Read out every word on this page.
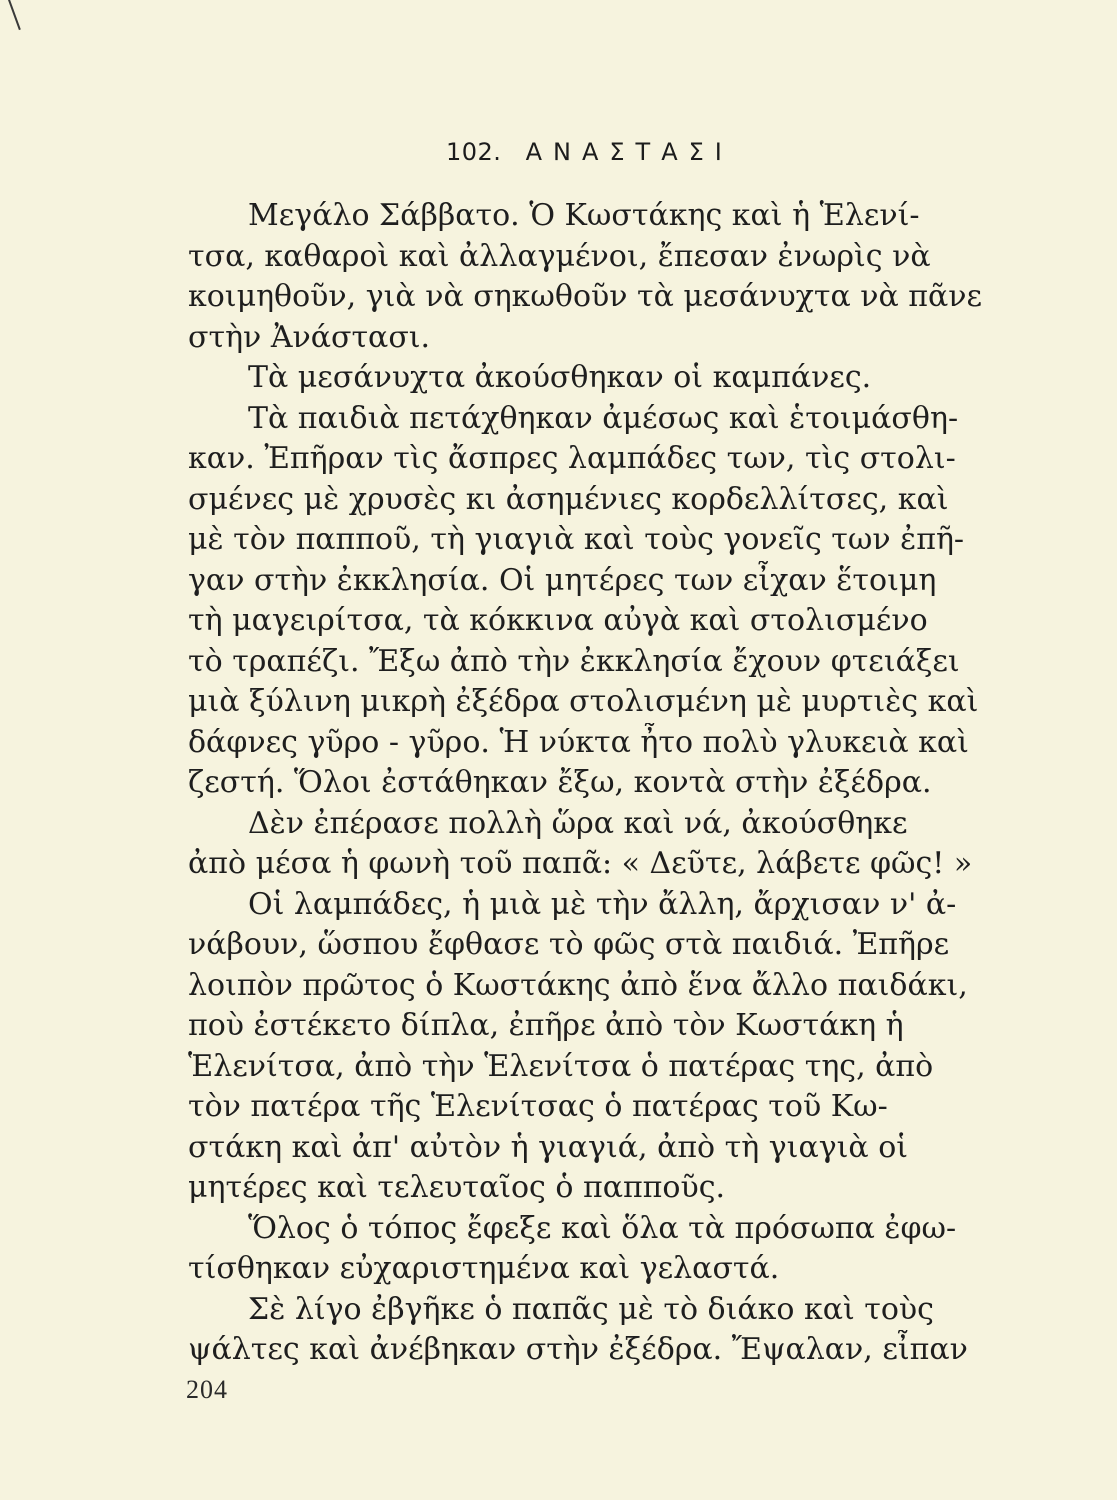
102. ΑΝΑΣΤΑΣΙ
Μεγάλο Σάββατο. Ὁ Κωστάκης καὶ ἡ Ἑλενί-
τσα, καθαροὶ καὶ ἀλλαγμένοι, ἔπεσαν ἐνωρὶς νὰ
κοιμηθοῦν, γιὰ νὰ σηκωθοῦν τὰ μεσάνυχτα νὰ πᾶνε
στὴν Ἀνάστασι.
Τὰ μεσάνυχτα ἀκούσθηκαν οἱ καμπάνες.
Τὰ παιδιὰ πετάχθηκαν ἀμέσως καὶ ἑτοιμάσθη-
καν. Ἐπῆραν τὶς ἄσπρες λαμπάδες των, τὶς στολι-
σμένες μὲ χρυσὲς κι ἀσημένιες κορδελλίτσες, καὶ
μὲ τὸν παπποῦ, τὴ γιαγιὰ καὶ τοὺς γονεῖς των ἐπῆ-
γαν στὴν ἐκκλησία. Οἱ μητέρες των εἶχαν ἕτοιμη
τὴ μαγειρίτσα, τὰ κόκκινα αὐγὰ καὶ στολισμένο
τὸ τραπέζι. Ἔξω ἀπὸ τὴν ἐκκλησία ἔχουν φτειάξει
μιὰ ξύλινη μικρὴ ἐξέδρα στολισμένη μὲ μυρτιὲς καὶ
δάφνες γῦρο - γῦρο. Ἡ νύκτα ἦτο πολὺ γλυκειὰ καὶ
ζεστή. Ὅλοι ἐστάθηκαν ἔξω, κοντὰ στὴν ἐξέδρα.
Δὲν ἐπέρασε πολλὴ ὥρα καὶ νά, ἀκούσθηκε
ἀπὸ μέσα ἡ φωνὴ τοῦ παπᾶ: « Δεῦτε, λάβετε φῶς! »
Οἱ λαμπάδες, ἡ μιὰ μὲ τὴν ἄλλη, ἄρχισαν ν' ἀ-
νάβουν, ὥσπου ἔφθασε τὸ φῶς στὰ παιδιά. Ἐπῆρε
λοιπὸν πρῶτος ὁ Κωστάκης ἀπὸ ἕνα ἄλλο παιδάκι,
ποὺ ἐστέκετο δίπλα, ἐπῆρε ἀπὸ τὸν Κωστάκη ἡ
Ἑλενίτσα, ἀπὸ τὴν Ἑλενίτσα ὁ πατέρας της, ἀπὸ
τὸν πατέρα τῆς Ἑλενίτσας ὁ πατέρας τοῦ Κω-
στάκη καὶ ἀπ' αὐτὸν ἡ γιαγιά, ἀπὸ τὴ γιαγιὰ οἱ
μητέρες καὶ τελευταῖος ὁ παπποῦς.
Ὅλος ὁ τόπος ἔφεξε καὶ ὅλα τὰ πρόσωπα ἐφω-
τίσθηκαν εὐχαριστημένα καὶ γελαστά.
Σὲ λίγο ἐβγῆκε ὁ παπᾶς μὲ τὸ διάκο καὶ τοὺς
ψάλτες καὶ ἀνέβηκαν στὴν ἐξέδρα. Ἔψαλαν, εἶπαν
204
